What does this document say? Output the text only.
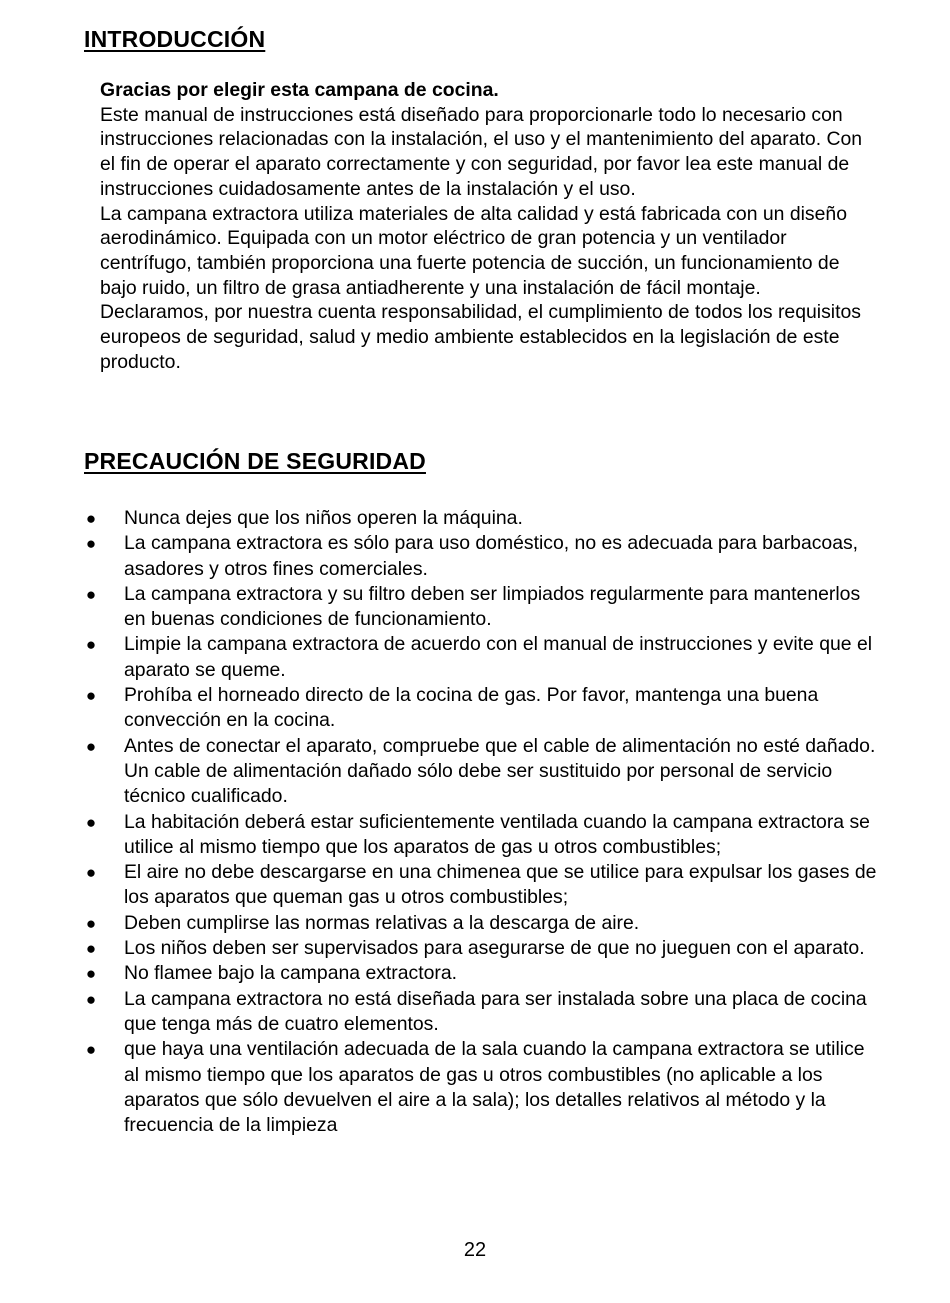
INTRODUCCIÓN

Gracias por elegir esta campana de cocina.

Este manual de instrucciones está diseñado para proporcionarle todo lo necesario con instrucciones relacionadas con la instalación, el uso y el mantenimiento del aparato. Con el fin de operar el aparato correctamente y con seguridad, por favor lea este manual de instrucciones cuidadosamente antes de la instalación y el uso.

La campana extractora utiliza materiales de alta calidad y está fabricada con un diseño aerodinámico. Equipada con un motor eléctrico de gran potencia y un ventilador centrífugo, también proporciona una fuerte potencia de succión, un funcionamiento de bajo ruido, un filtro de grasa antiadherente y una instalación de fácil montaje.

Declaramos, por nuestra cuenta responsabilidad, el cumplimiento de todos los requisitos europeos de seguridad, salud y medio ambiente establecidos en la legislación de este producto.

PRECAUCIÓN DE SEGURIDAD
● Nunca dejes que los niños operen la máquina.
● La campana extractora es sólo para uso doméstico, no es adecuada para barbacoas, asadores y otros fines comerciales.
● La campana extractora y su filtro deben ser limpiados regularmente para mantenerlos en buenas condiciones de funcionamiento.
● Limpie la campana extractora de acuerdo con el manual de instrucciones y evite que el aparato se queme.
● Prohíba el horneado directo de la cocina de gas. Por favor, mantenga una buena convección en la cocina.
● Antes de conectar el aparato, compruebe que el cable de alimentación no esté dañado. Un cable de alimentación dañado sólo debe ser sustituido por personal de servicio técnico cualificado.
● La habitación deberá estar suficientemente ventilada cuando la campana extractora se utilice al mismo tiempo que los aparatos de gas u otros combustibles;
● El aire no debe descargarse en una chimenea que se utilice para expulsar los gases de los aparatos que queman gas u otros combustibles;
● Deben cumplirse las normas relativas a la descarga de aire.
● Los niños deben ser supervisados para asegurarse de que no jueguen con el aparato.
● No flamee bajo la campana extractora.
● La campana extractora no está diseñada para ser instalada sobre una placa de cocina que tenga más de cuatro elementos.
● que haya una ventilación adecuada de la sala cuando la campana extractora se utilice al mismo tiempo que los aparatos de gas u otros combustibles (no aplicable a los aparatos que sólo devuelven el aire a la sala); los detalles relativos al método y la frecuencia de la limpieza
22
